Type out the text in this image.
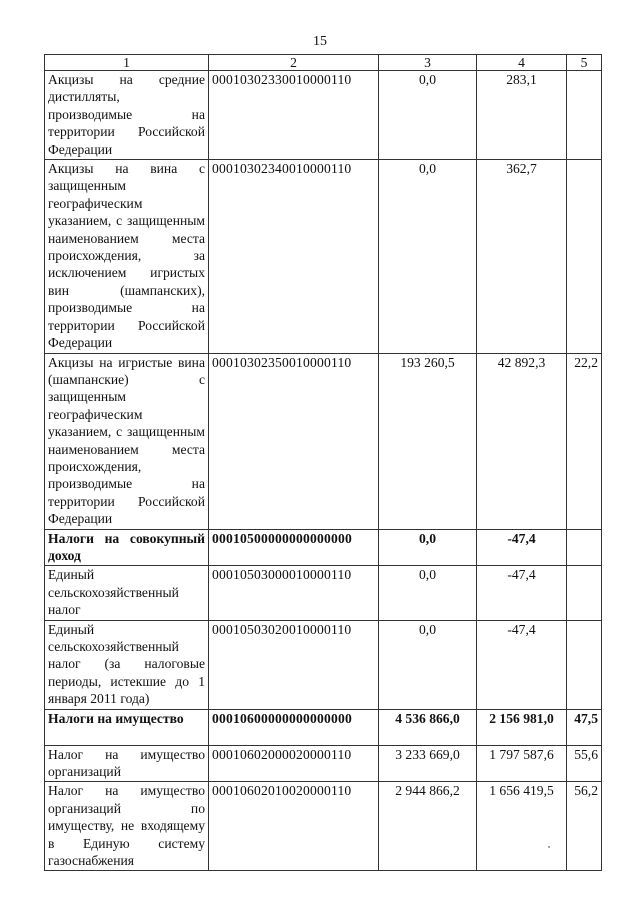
15
1	2	3	4	5
Акцизы на средние дистилляты, производимые на территории Российской Федерации	00010302330010000110	0,0	283,1	
Акцизы на вина с защищенным географическим указанием, с защищенным наименованием места происхождения, за исключением игристых вин (шампанских), производимые на территории Российской Федерации	00010302340010000110	0,0	362,7	
Акцизы на игристые вина (шампанские) с защищенным географическим указанием, с защищенным наименованием места происхождения, производимые на территории Российской Федерации	00010302350010000110	193 260,5	42 892,3	22,2
Налоги на совокупный доход	00010500000000000000	0,0	-47,4	
Единый сельскохозяйственный налог	00010503000010000110	0,0	-47,4	
Единый сельскохозяйственный налог (за налоговые периоды, истекшие до 1 января 2011 года)	00010503020010000110	0,0	-47,4	
Налоги на имущество	00010600000000000000	4 536 866,0	2 156 981,0	47,5
Налог на имущество организаций	00010602000020000110	3 233 669,0	1 797 587,6	55,6
Налог на имущество организаций по имуществу, не входящему в Единую систему газоснабжения	00010602010020000110	2 944 866,2	1 656 419,5	56,2
